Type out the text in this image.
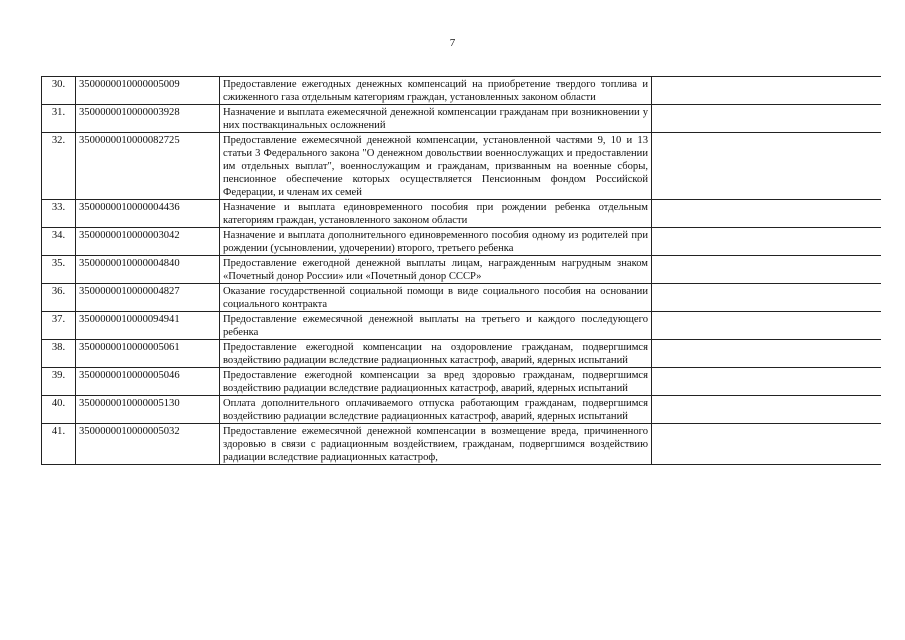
7
30.	3500000010000005009	Предоставление ежегодных денежных компенсаций на приобретение твердого топлива и сжиженного газа отдельным категориям граждан, установленных законом области	
31.	3500000010000003928	Назначение и выплата ежемесячной денежной компенсации гражданам при возникновении у них поствакцинальных осложнений	
32.	3500000010000082725	Предоставление ежемесячной денежной компенсации, установленной частями 9, 10 и 13 статьи 3 Федерального закона "О денежном довольствии военнослужащих и предоставлении им отдельных выплат", военнослужащим и гражданам, призванным на военные сборы, пенсионное обеспечение которых осуществляется Пенсионным фондом Российской Федерации, и членам их семей	
33.	3500000010000004436	Назначение и выплата единовременного пособия при рождении ребенка отдельным категориям граждан, установленного законом области	
34.	3500000010000003042	Назначение и выплата дополнительного единовременного пособия одному из родителей при рождении (усыновлении, удочерении) второго, третьего ребенка	
35.	3500000010000004840	Предоставление ежегодной денежной выплаты лицам, награжденным нагрудным знаком «Почетный донор России» или «Почетный донор СССР»	
36.	3500000010000004827	Оказание государственной социальной помощи в виде социального пособия на основании социального контракта	
37.	3500000010000094941	Предоставление ежемесячной денежной выплаты на третьего и каждого последующего ребенка	
38.	3500000010000005061	Предоставление ежегодной компенсации на оздоровление гражданам, подвергшимся воздействию радиации вследствие радиационных катастроф, аварий, ядерных испытаний	
39.	3500000010000005046	Предоставление ежегодной компенсации за вред здоровью гражданам, подвергшимся воздействию радиации вследствие радиационных катастроф, аварий, ядерных испытаний	
40.	3500000010000005130	Оплата дополнительного оплачиваемого отпуска работающим гражданам, подвергшимся воздействию радиации вследствие радиационных катастроф, аварий, ядерных испытаний	
41.	3500000010000005032	Предоставление ежемесячной денежной компенсации в возмещение вреда, причиненного здоровью в связи с радиационным воздействием, гражданам, подвергшимся воздействию радиации вследствие радиационных катастроф,	
